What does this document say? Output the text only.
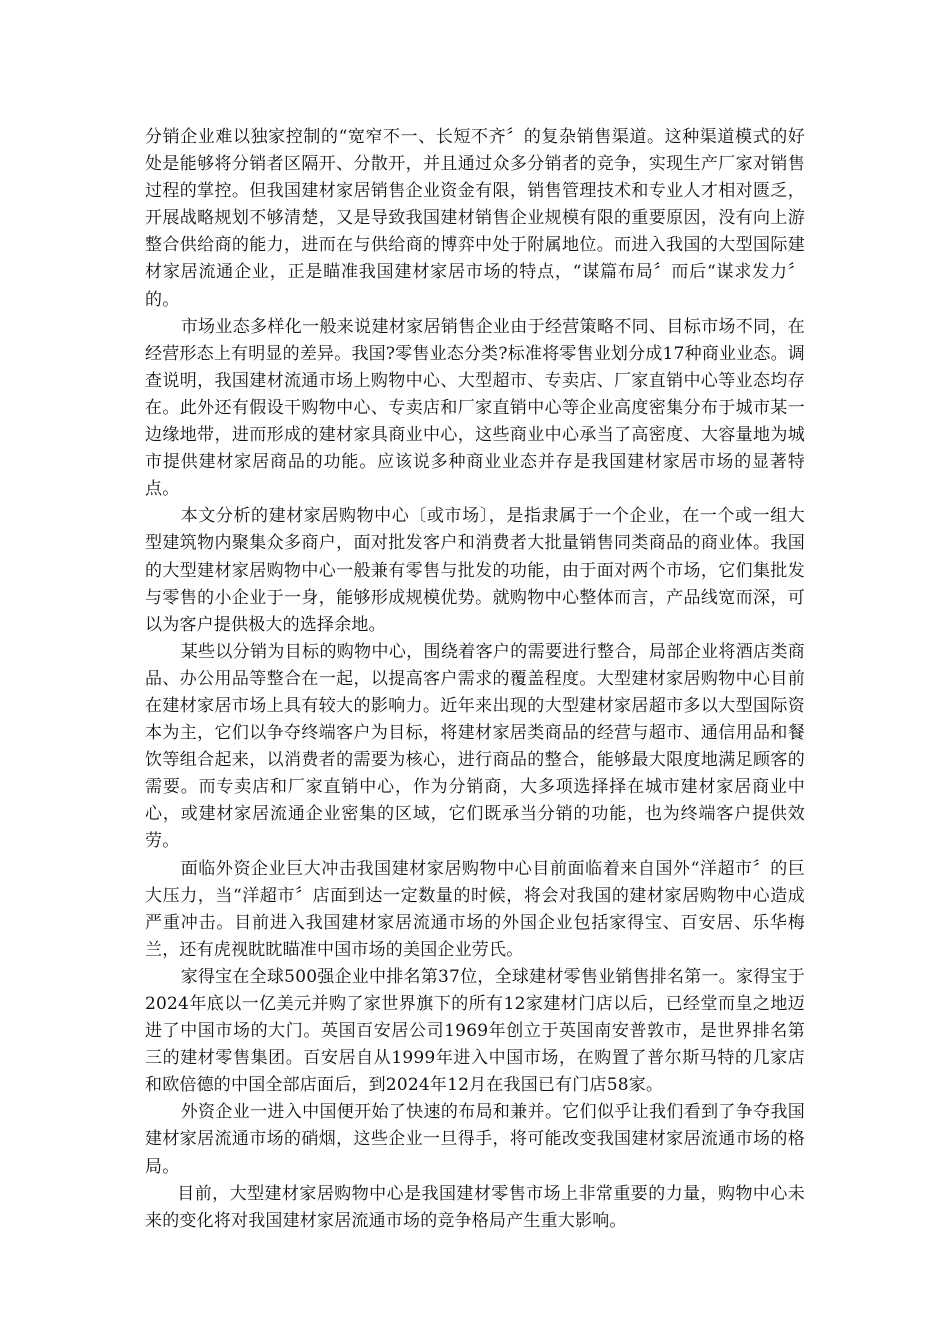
分销企业难以独家控制的“宽窄不一、长短不齐〞的复杂销售渠道。这种渠道模式的好处是能够将分销者区隔开、分散开，并且通过众多分销者的竞争，实现生产厂家对销售过程的掌控。但我国建材家居销售企业资金有限，销售管理技术和专业人才相对匮乏，开展战略规划不够清楚，又是导致我国建材销售企业规模有限的重要原因，没有向上游整合供给商的能力，进而在与供给商的博弈中处于附属地位。而进入我国的大型国际建材家居流通企业，正是瞄准我国建材家居市场的特点，“谋篇布局〞而后“谋求发力〞的。

市场业态多样化一般来说建材家居销售企业由于经营策略不同、目标市场不同，在经营形态上有明显的差异。我国?零售业态分类?标准将零售业划分成17种商业业态。调查说明，我国建材流通市场上购物中心、大型超市、专卖店、厂家直销中心等业态均存在。此外还有假设干购物中心、专卖店和厂家直销中心等企业高度密集分布于城市某一边缘地带，进而形成的建材家具商业中心，这些商业中心承当了高密度、大容量地为城市提供建材家居商品的功能。应该说多种商业业态并存是我国建材家居市场的显著特点。

本文分析的建材家居购物中心〔或市场〕，是指隶属于一个企业，在一个或一组大型建筑物内聚集众多商户，面对批发客户和消费者大批量销售同类商品的商业体。我国的大型建材家居购物中心一般兼有零售与批发的功能，由于面对两个市场，它们集批发与零售的小企业于一身，能够形成规模优势。就购物中心整体而言，产品线宽而深，可以为客户提供极大的选择余地。

某些以分销为目标的购物中心，围绕着客户的需要进行整合，局部企业将酒店类商品、办公用品等整合在一起，以提高客户需求的覆盖程度。大型建材家居购物中心目前在建材家居市场上具有较大的影响力。近年来出现的大型建材家居超市多以大型国际资本为主，它们以争夺终端客户为目标，将建材家居类商品的经营与超市、通信用品和餐饮等组合起来，以消费者的需要为核心，进行商品的整合，能够最大限度地满足顾客的需要。而专卖店和厂家直销中心，作为分销商，大多项选择择在城市建材家居商业中心，或建材家居流通企业密集的区域，它们既承当分销的功能，也为终端客户提供效劳。

面临外资企业巨大冲击我国建材家居购物中心目前面临着来自国外“洋超市〞的巨大压力，当“洋超市〞店面到达一定数量的时候，将会对我国的建材家居购物中心造成严重冲击。目前进入我国建材家居流通市场的外国企业包括家得宝、百安居、乐华梅兰，还有虎视眈眈瞄准中国市场的美国企业劳氏。

家得宝在全球500强企业中排名第37位，全球建材零售业销售排名第一。家得宝于2024年底以一亿美元并购了家世界旗下的所有12家建材门店以后，已经堂而皇之地迈进了中国市场的大门。英国百安居公司1969年创立于英国南安普敦市，是世界排名第三的建材零售集团。百安居自从1999年进入中国市场，在购置了普尔斯马特的几家店和欧倍德的中国全部店面后，到2024年12月在我国已有门店58家。

外资企业一进入中国便开始了快速的布局和兼并。它们似乎让我们看到了争夺我国建材家居流通市场的硝烟，这些企业一旦得手，将可能改变我国建材家居流通市场的格局。

目前，大型建材家居购物中心是我国建材零售市场上非常重要的力量，购物中心未来的变化将对我国建材家居流通市场的竞争格局产生重大影响。
